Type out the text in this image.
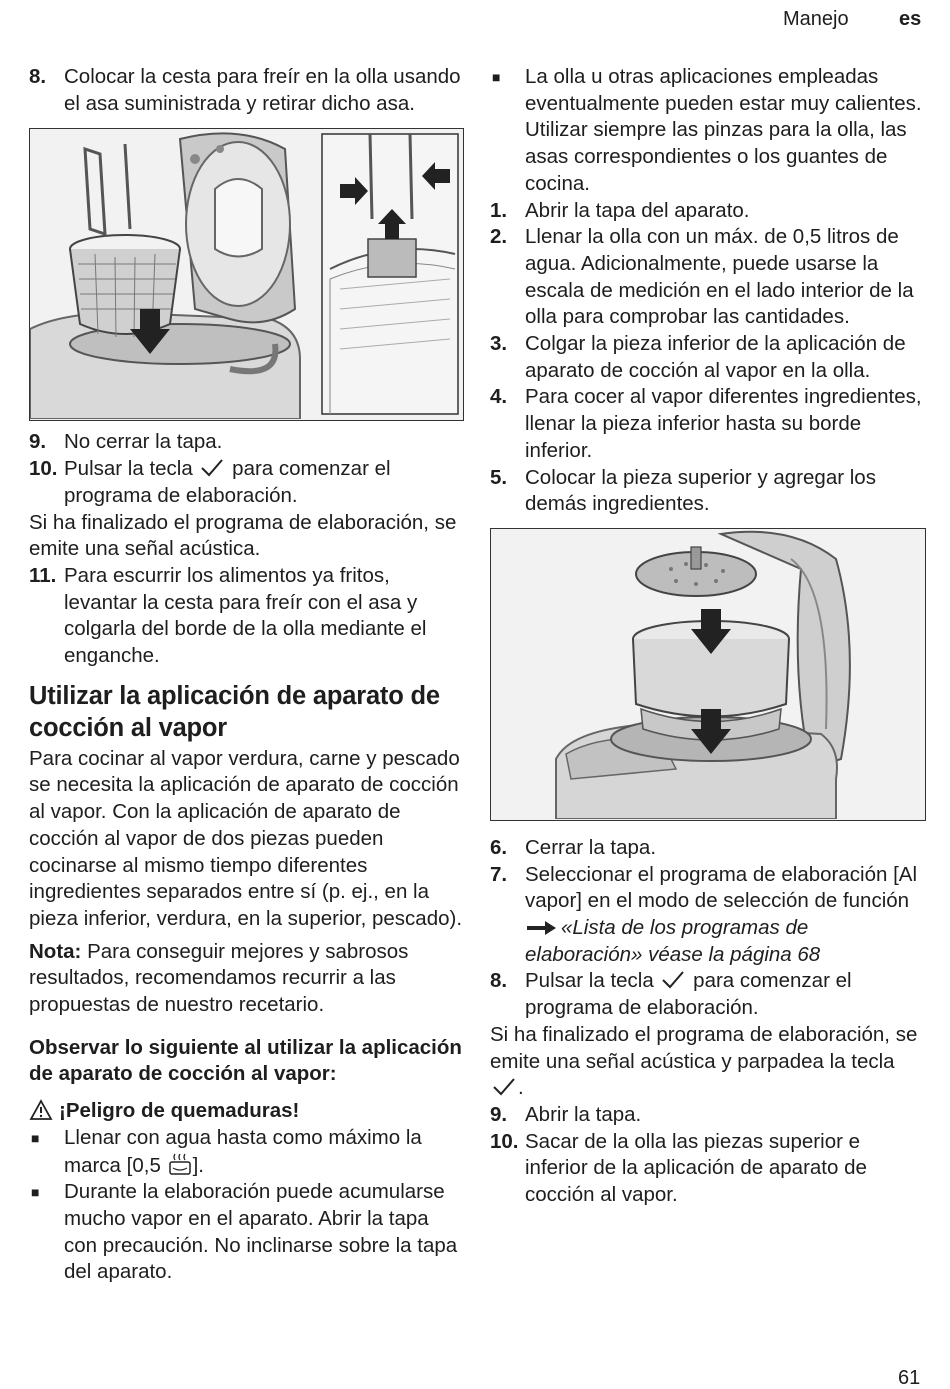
Manejo	es
8. Colocar la cesta para freír en la olla usando el asa suministrada y retirar dicho asa.
9. No cerrar la tapa.
10. Pulsar la tecla para comenzar el programa de elaboración.

Si ha finalizado el programa de elaboración, se emite una señal acústica.

11. Para escurrir los alimentos ya fritos, levantar la cesta para freír con el asa y colgarla del borde de la olla mediante el enganche.
Utilizar la aplicación de aparato de cocción al vapor

Para cocinar al vapor verdura, carne y pescado se necesita la aplicación de aparato de cocción al vapor. Con la aplicación de aparato de cocción al vapor de dos piezas pueden cocinarse al mismo tiempo diferentes ingredientes separados entre sí (p. ej., en la pieza inferior, verdura, en la superior, pescado).

Nota: Para conseguir mejores y sabrosos resultados, recomendamos recurrir a las propuestas de nuestro recetario.

Observar lo siguiente al utilizar la aplicación de aparato de cocción al vapor:

¡Peligro de quemaduras!

■ Llenar con agua hasta como máximo la marca [0,5 ].
■ Durante la elaboración puede acumularse mucho vapor en el aparato. Abrir la tapa con precaución. No inclinarse sobre la tapa del aparato.
■ La olla u otras aplicaciones empleadas eventualmente pueden estar muy calientes. Utilizar siempre las pinzas para la olla, las asas correspondientes o los guantes de cocina.
1. Abrir la tapa del aparato.
2. Llenar la olla con un máx. de 0,5 litros de agua. Adicionalmente, puede usarse la escala de medición en el lado interior de la olla para comprobar las cantidades.
3. Colgar la pieza inferior de la aplicación de aparato de cocción al vapor en la olla.
4. Para cocer al vapor diferentes ingredientes, llenar la pieza inferior hasta su borde inferior.
5. Colocar la pieza superior y agregar los demás ingredientes.
6. Cerrar la tapa.
7. Seleccionar el programa de elaboración [Al vapor] en el modo de selección de función «Lista de los programas de elaboración» véase la página 68
8. Pulsar la tecla para comenzar el programa de elaboración.

Si ha finalizado el programa de elaboración, se emite una señal acústica y parpadea la tecla .

9. Abrir la tapa.
10. Sacar de la olla las piezas superior e inferior de la aplicación de aparato de cocción al vapor.
61
